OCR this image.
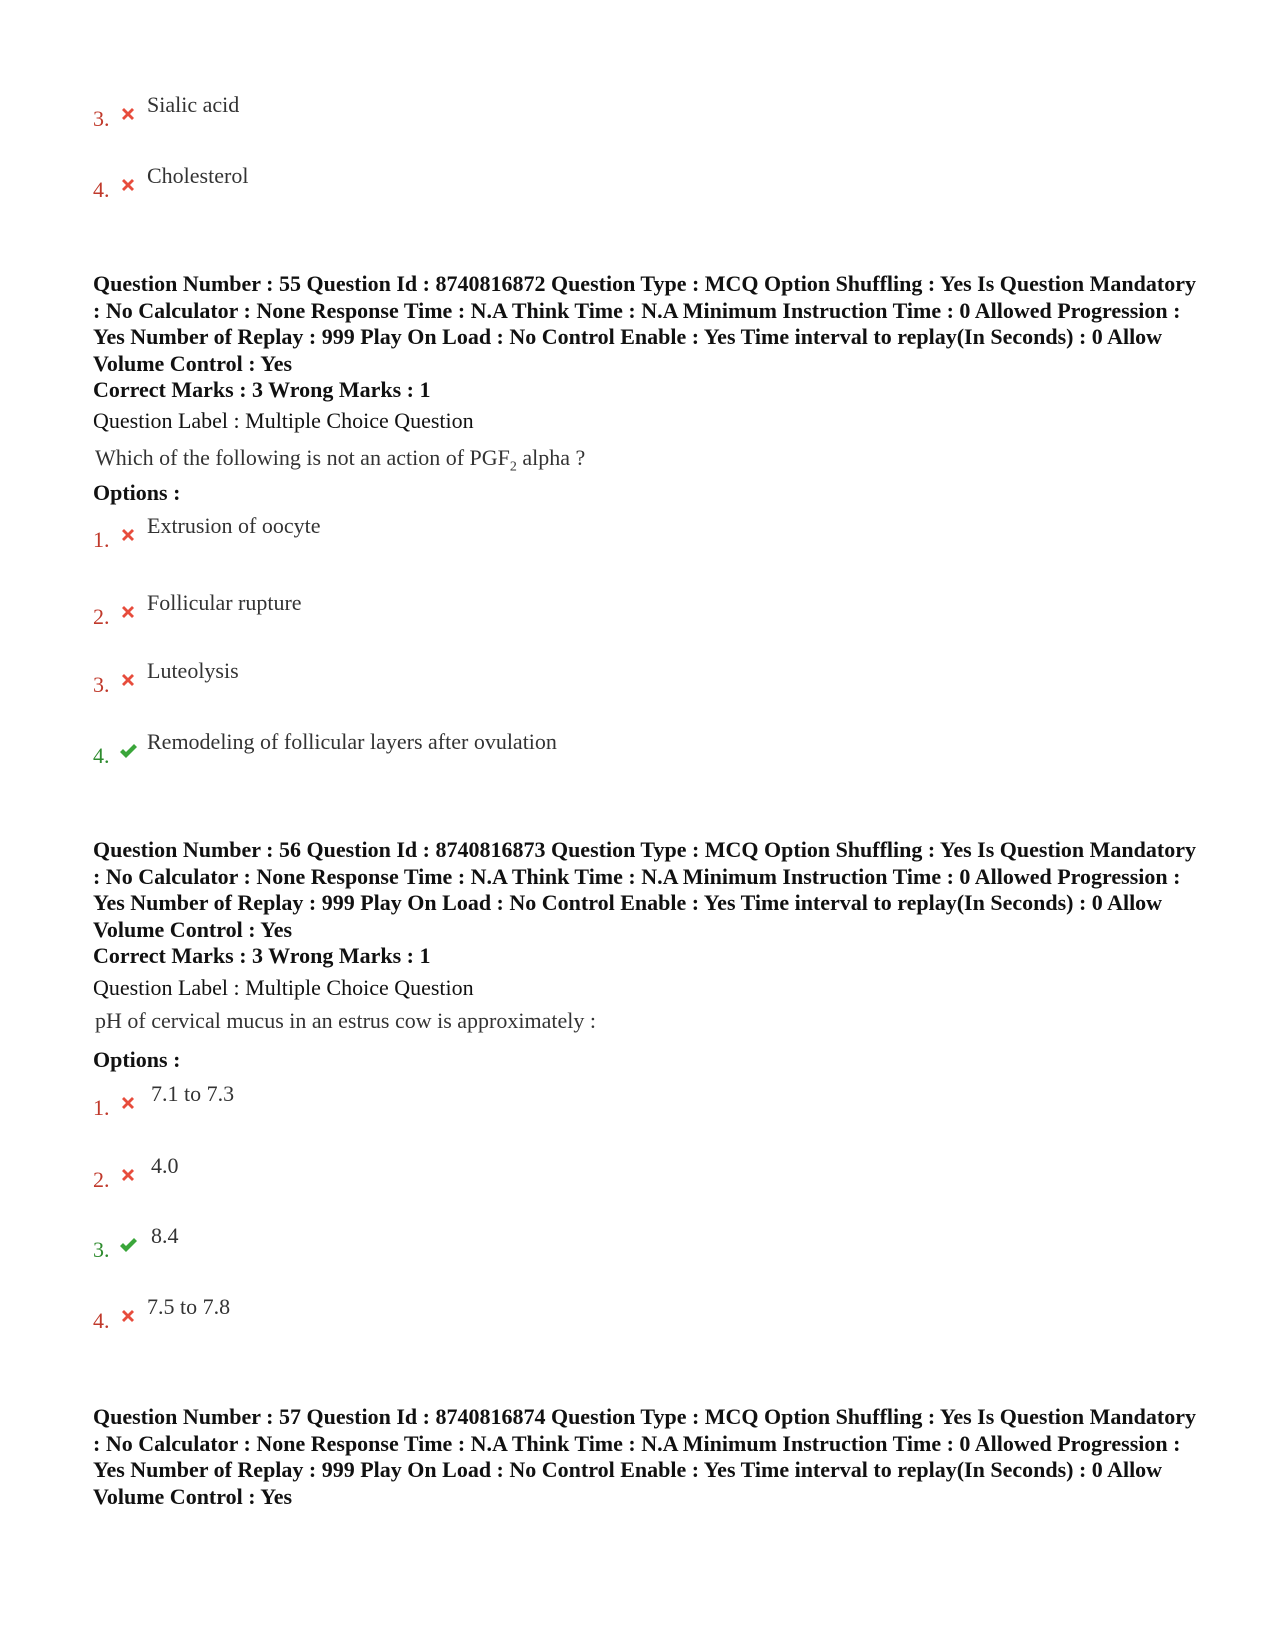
3.
Sialic acid
4.
Cholesterol

Question Number : 55 Question Id : 8740816872 Question Type : MCQ Option Shuffling : Yes Is Question Mandatory : No Calculator : None Response Time : N.A Think Time : N.A Minimum Instruction Time : 0 Allowed Progression : Yes Number of Replay : 999 Play On Load : No Control Enable : Yes Time interval to replay(In Seconds) : 0 Allow Volume Control : Yes

Correct Marks : 3 Wrong Marks : 1

Question Label : Multiple Choice Question

Which of the following is not an action of $PGF_2$ alpha ?

Options :

1.
Extrusion of oocyte
2.
Follicular rupture
3.
Luteolysis
4.
Remodeling of follicular layers after ovulation

Question Number : 56 Question Id : 8740816873 Question Type : MCQ Option Shuffling : Yes Is Question Mandatory : No Calculator : None Response Time : N.A Think Time : N.A Minimum Instruction Time : 0 Allowed Progression : Yes Number of Replay : 999 Play On Load : No Control Enable : Yes Time interval to replay(In Seconds) : 0 Allow Volume Control : Yes

Correct Marks : 3 Wrong Marks : 1

Question Label : Multiple Choice Question

pH of cervical mucus in an estrus cow is approximately :

Options :

1.
7.1 to 7.3
2.
4.0
3.
8.4
4.
7.5 to 7.8

Question Number : 57 Question Id : 8740816874 Question Type : MCQ Option Shuffling : Yes Is Question Mandatory : No Calculator : None Response Time : N.A Think Time : N.A Minimum Instruction Time : 0 Allowed Progression : Yes Number of Replay : 999 Play On Load : No Control Enable : Yes Time interval to replay(In Seconds) : 0 Allow Volume Control : Yes
